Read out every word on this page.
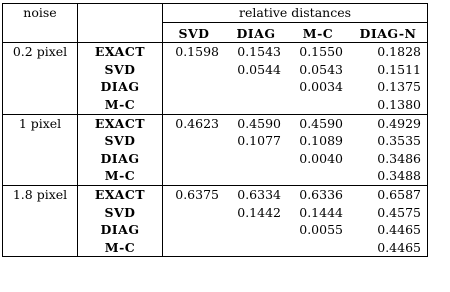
noise		relative distances			
		SVD	DIAG	M-C	DIAG-N
0.2 pixel	EXACT	0.1598	0.1543	0.1550	0.1828
	SVD		0.0544	0.0543	0.1511
	DIAG			0.0034	0.1375
	M-C				0.1380
1 pixel	EXACT	0.4623	0.4590	0.4590	0.4929
	SVD		0.1077	0.1089	0.3535
	DIAG			0.0040	0.3486
	M-C				0.3488
1.8 pixel	EXACT	0.6375	0.6334	0.6336	0.6587
	SVD		0.1442	0.1444	0.4575
	DIAG			0.0055	0.4465
	M-C				0.4465
